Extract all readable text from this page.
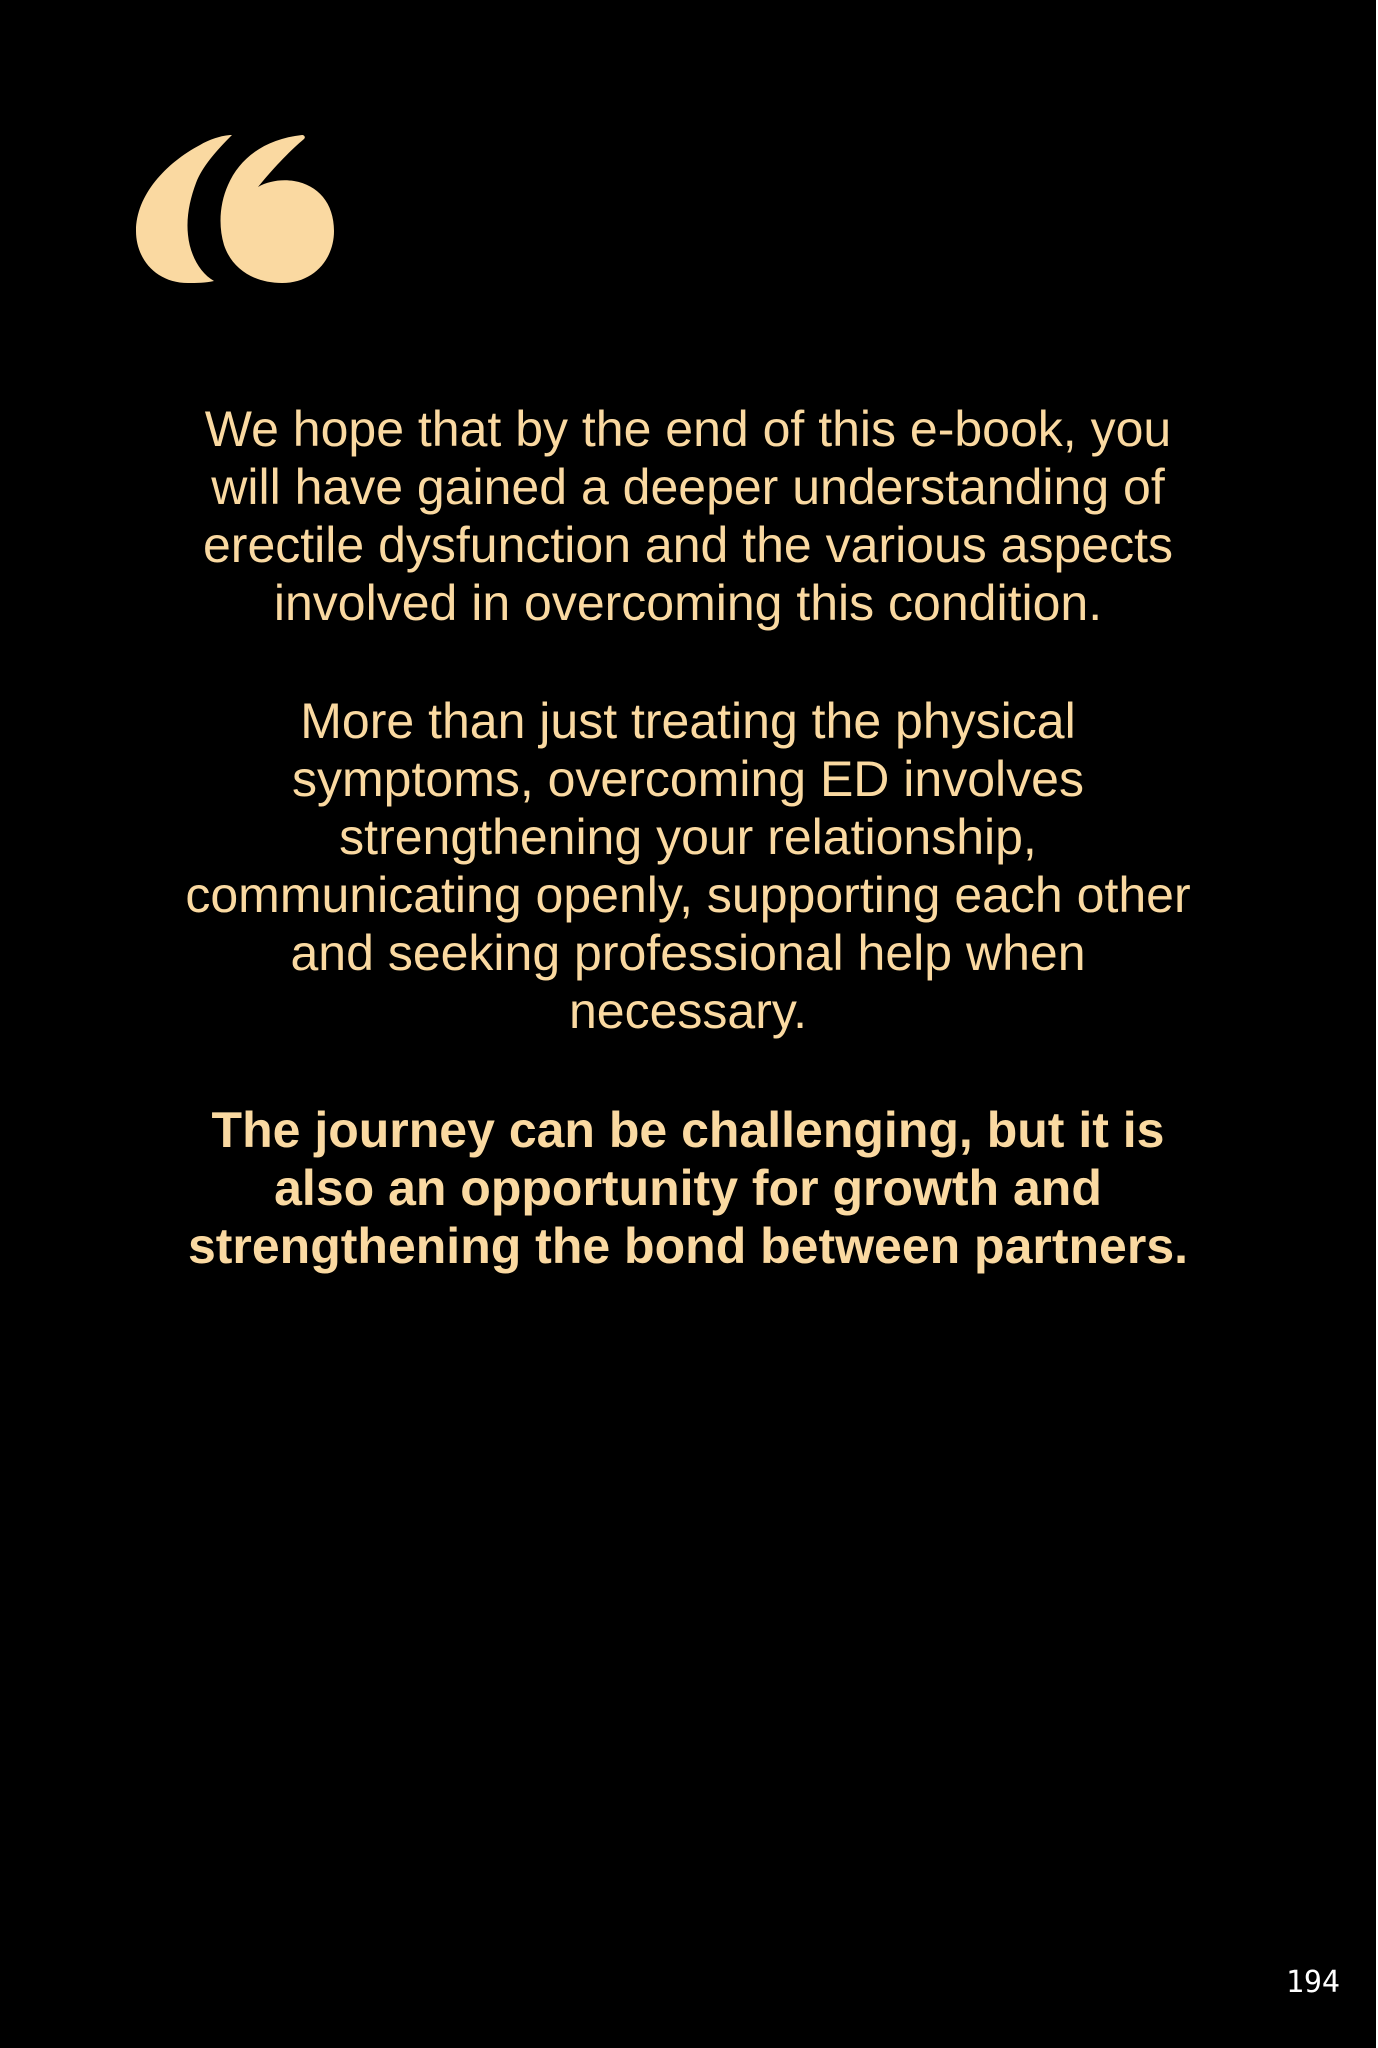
We hope that by the end of this e-book, you
will have gained a deeper understanding of
erectile dysfunction and the various aspects
involved in overcoming this condition.

More than just treating the physical
symptoms, overcoming ED involves
strengthening your relationship,
communicating openly, supporting each other
and seeking professional help when
necessary.

The journey can be challenging, but it is
also an opportunity for growth and
strengthening the bond between partners.

194
